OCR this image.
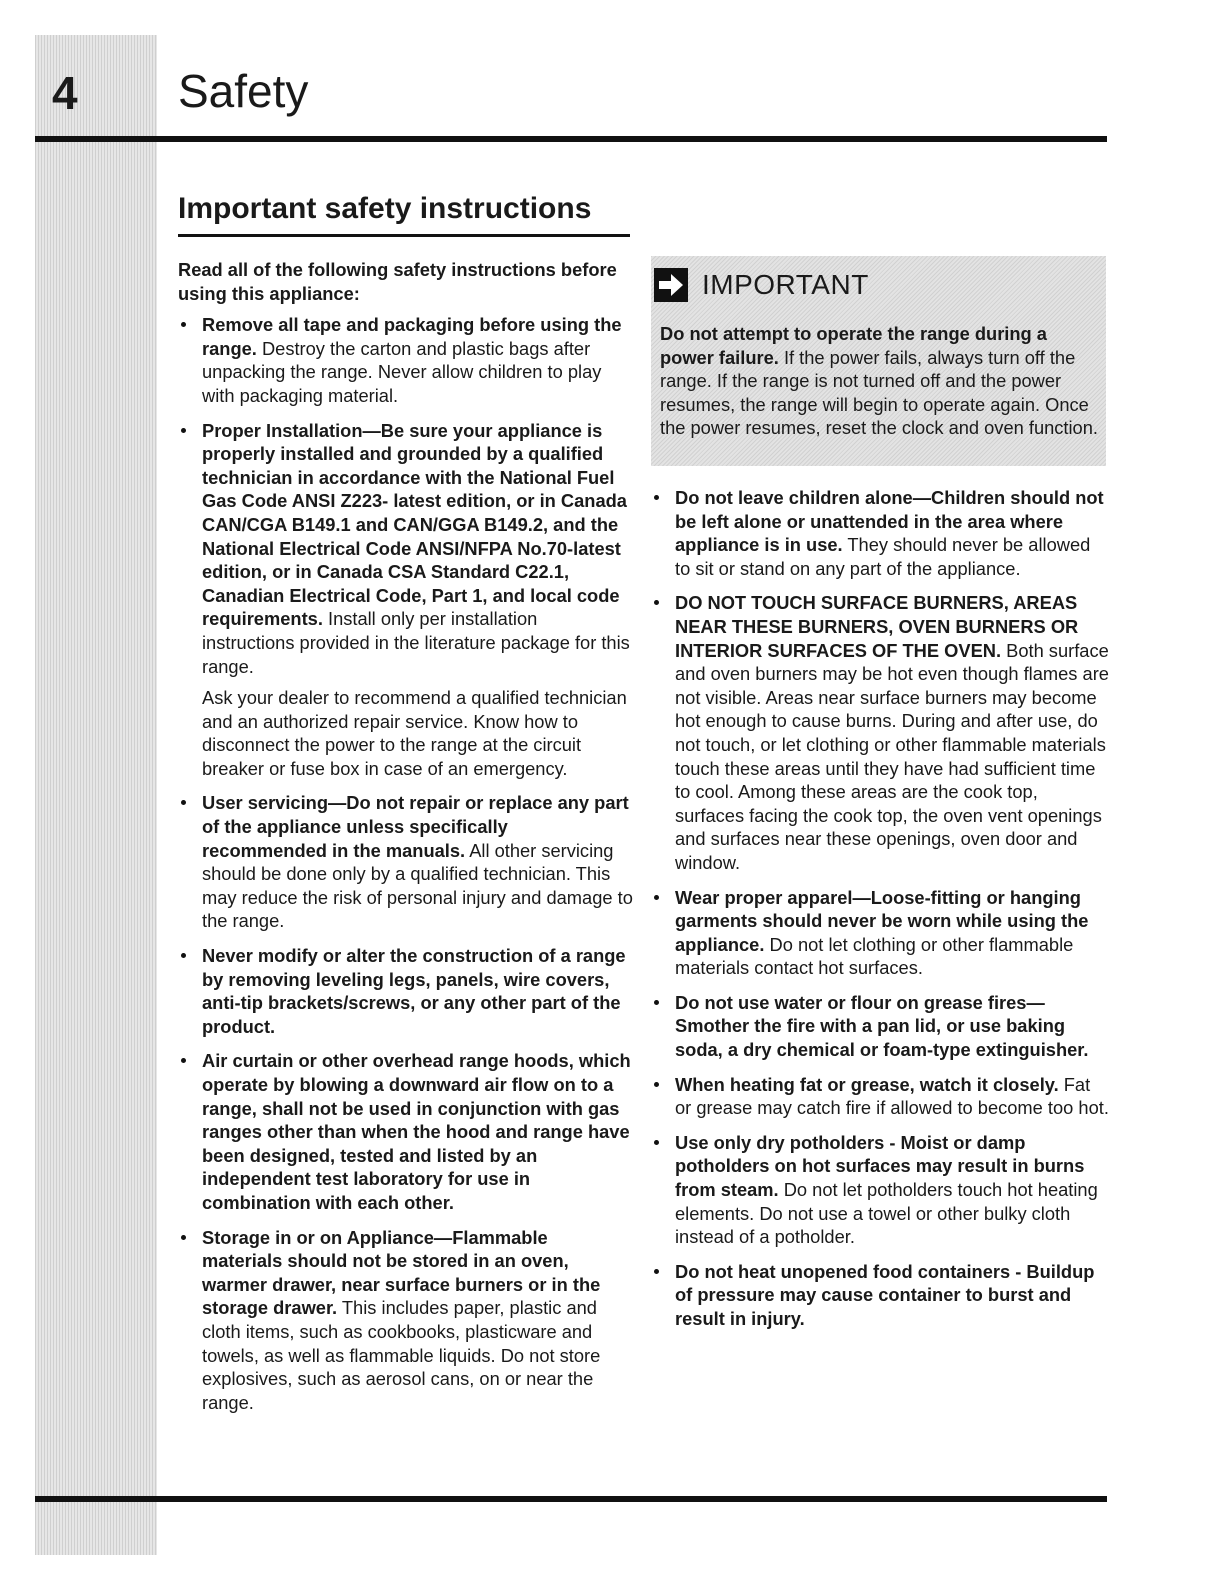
4 Safety
Important safety instructions

Read all of the following safety instructions before using this appliance:

Remove all tape and packaging before using the range. Destroy the carton and plastic bags after unpacking the range. Never allow children to play with packaging material.
Proper Installation—Be sure your appliance is properly installed and grounded by a qualified technician in accordance with the National Fuel Gas Code ANSI Z223- latest edition, or in Canada CAN/CGA B149.1 and CAN/GGA B149.2, and the National Electrical Code ANSI/NFPA No.70-latest edition, or in Canada CSA Standard C22.1, Canadian Electrical Code, Part 1, and local code requirements. Install only per installation instructions provided in the literature package for this range.

Ask your dealer to recommend a qualified technician and an authorized repair service. Know how to disconnect the power to the range at the circuit breaker or fuse box in case of an emergency.

User servicing—Do not repair or replace any part of the appliance unless specifically recommended in the manuals. All other servicing should be done only by a qualified technician. This may reduce the risk of personal injury and damage to the range.
Never modify or alter the construction of a range by removing leveling legs, panels, wire covers, anti-tip brackets/screws, or any other part of the product.
Air curtain or other overhead range hoods, which operate by blowing a downward air flow on to a range, shall not be used in conjunction with gas ranges other than when the hood and range have been designed, tested and listed by an independent test laboratory for use in combination with each other.
Storage in or on Appliance—Flammable materials should not be stored in an oven, warmer drawer, near surface burners or in the storage drawer. This includes paper, plastic and cloth items, such as cookbooks, plasticware and towels, as well as flammable liquids. Do not store explosives, such as aerosol cans, on or near the range.
IMPORTANT
Do not attempt to operate the range during a power failure. If the power fails, always turn off the range. If the range is not turned off and the power resumes, the range will begin to operate again. Once the power resumes, reset the clock and oven function.
Do not leave children alone—Children should not be left alone or unattended in the area where appliance is in use. They should never be allowed to sit or stand on any part of the appliance.
DO NOT TOUCH SURFACE BURNERS, AREAS NEAR THESE BURNERS, OVEN BURNERS OR INTERIOR SURFACES OF THE OVEN. Both surface and oven burners may be hot even though flames are not visible. Areas near surface burners may become hot enough to cause burns. During and after use, do not touch, or let clothing or other flammable materials touch these areas until they have had sufficient time to cool. Among these areas are the cook top, surfaces facing the cook top, the oven vent openings and surfaces near these openings, oven door and window.
Wear proper apparel—Loose-fitting or hanging garments should never be worn while using the appliance. Do not let clothing or other flammable materials contact hot surfaces.
Do not use water or flour on grease fires—Smother the fire with a pan lid, or use baking soda, a dry chemical or foam-type extinguisher.
When heating fat or grease, watch it closely. Fat or grease may catch fire if allowed to become too hot.
Use only dry potholders - Moist or damp potholders on hot surfaces may result in burns from steam. Do not let potholders touch hot heating elements. Do not use a towel or other bulky cloth instead of a potholder.
Do not heat unopened food containers - Buildup of pressure may cause container to burst and result in injury.
